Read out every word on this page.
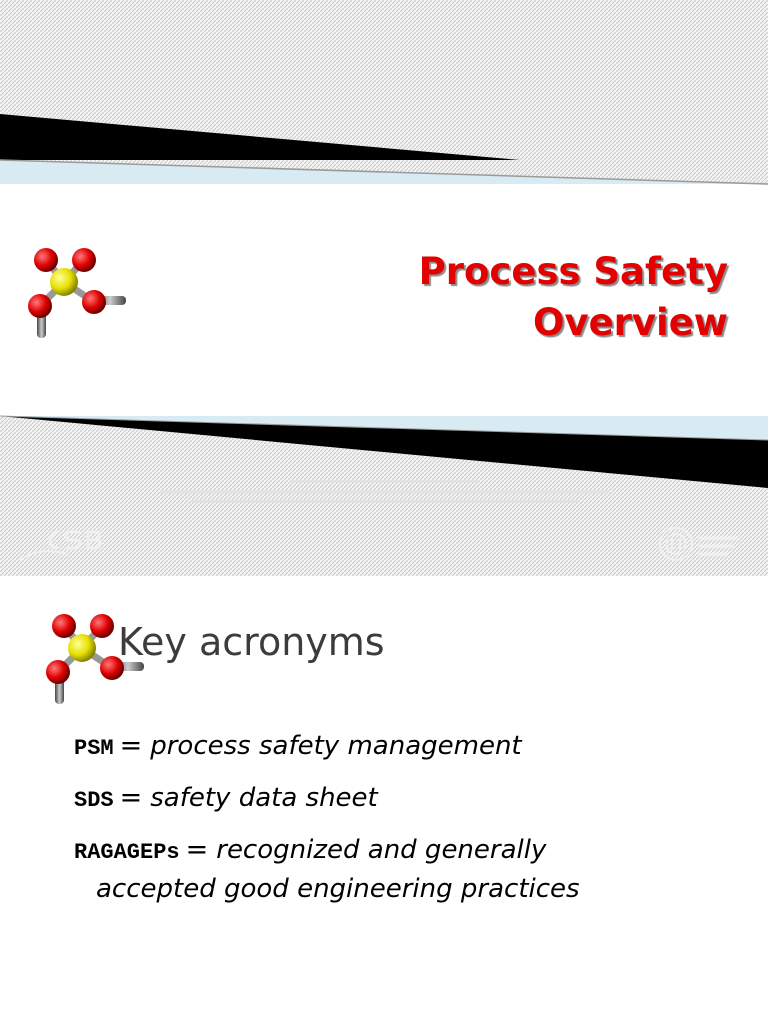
Process Safety
Overview
Key acronyms
PSM = process safety management
SDS = safety data sheet
RAGAGEPs = recognized and generally
accepted good engineering practices
